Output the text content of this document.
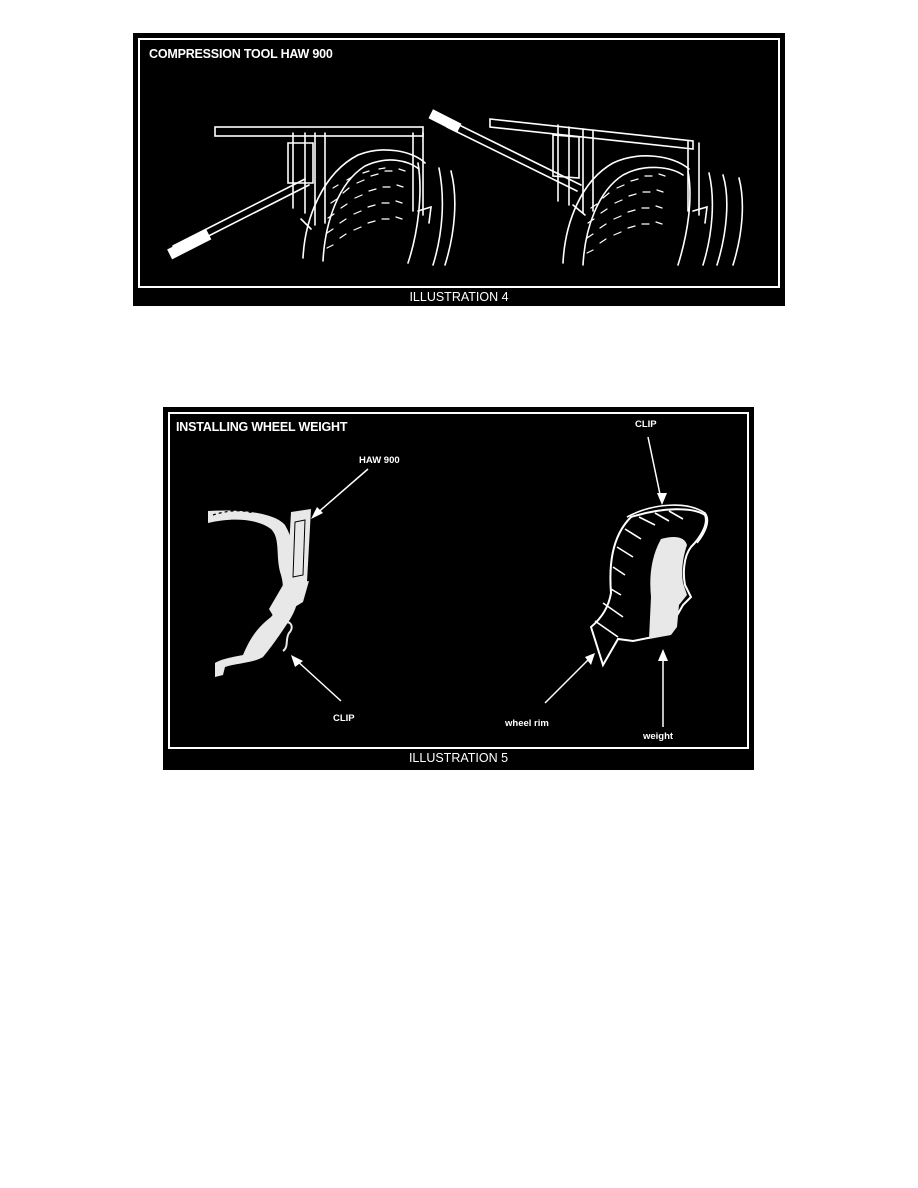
COMPRESSION TOOL HAW 900
ILLUSTRATION 4
INSTALLING WHEEL WEIGHT
HAW 900
CLIP
CLIP
wheel rim
weight
ILLUSTRATION 5
